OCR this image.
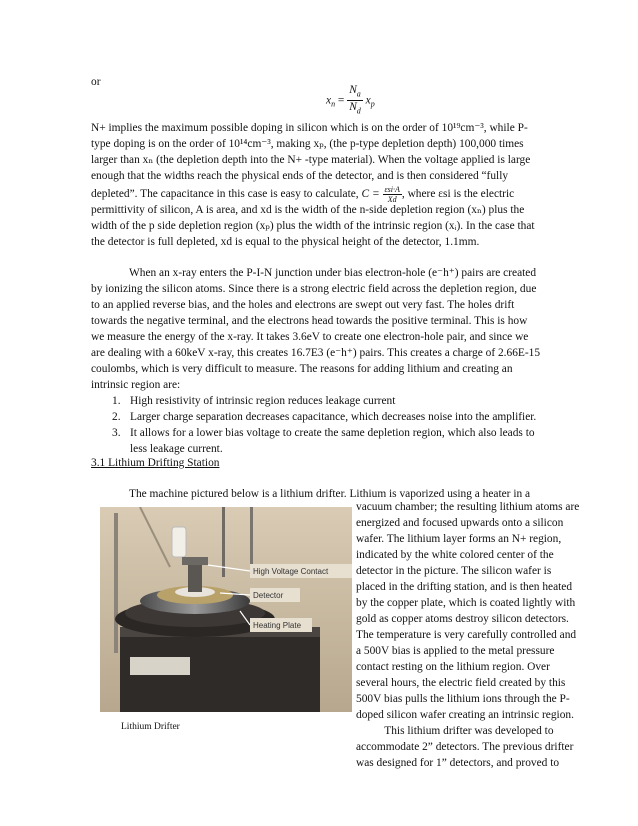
or
$x_n = \frac{N_a}{N_d} x_p$
N+ implies the maximum possible doping in silicon which is on the order of 10¹⁹cm⁻³, while P-
type doping is on the order of 10¹⁴cm⁻³, making xₚ, (the p-type depletion depth) 100,000 times
larger than xₙ (the depletion depth into the N+ -type material). When the voltage applied is large
enough that the widths reach the physical ends of the detector, and is then considered “fully
depleted”. The capacitance in this case is easy to calculate, $C = \frac{\text{εsi·A}}{Xd}$ , where εsi is the electric
permittivity of silicon, A is area, and xd is the width of the n-side depletion region (xₙ) plus the
width of the p side depletion region (xₚ) plus the width of the intrinsic region (xᵢ). In the case that
the detector is full depleted, xd is equal to the physical height of the detector, 1.1mm.
When an x-ray enters the P-I-N junction under bias electron-hole (e⁻h⁺) pairs are created
by ionizing the silicon atoms. Since there is a strong electric field across the depletion region, due
to an applied reverse bias, and the holes and electrons are swept out very fast. The holes drift
towards the negative terminal, and the electrons head towards the positive terminal. This is how
we measure the energy of the x-ray. It takes 3.6eV to create one electron-hole pair, and since we
are dealing with a 60keV x-ray, this creates 16.7E3 (e⁻h⁺) pairs. This creates a charge of 2.66E-15
coulombs, which is very difficult to measure. The reasons for adding lithium and creating an
intrinsic region are:
1. High resistivity of intrinsic region reduces leakage current
2. Larger charge separation decreases capacitance, which decreases noise into the amplifier.
3. It allows for a lower bias voltage to create the same depletion region, which also leads to
less leakage current.
3.1 Lithium Drifting Station
The machine pictured below is a lithium drifter. Lithium is vaporized using a heater in a
vacuum chamber; the resulting lithium atoms are
energized and focused upwards onto a silicon
wafer. The lithium layer forms an N+ region,
indicated by the white colored center of the
detector in the picture. The silicon wafer is
placed in the drifting station, and is then heated
by the copper plate, which is coated lightly with
gold as copper atoms destroy silicon detectors.
The temperature is very carefully controlled and
a 500V bias is applied to the metal pressure
contact resting on the lithium region. Over
several hours, the electric field created by this
500V bias pulls the lithium ions through the P-
doped silicon wafer creating an intrinsic region.
This lithium drifter was developed to
accommodate 2” detectors. The previous drifter
was designed for 1” detectors, and proved to
High Voltage Contact
Detector
Heating Plate
Lithium Drifter
